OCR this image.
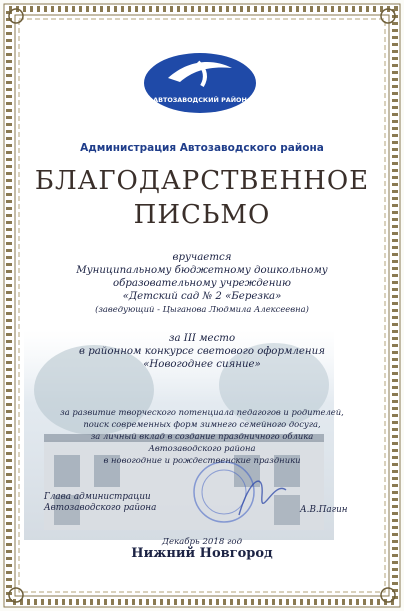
АВТОЗАВОДСКИЙ РАЙОН
Администрация Автозаводского района
БЛАГОДАРСТВЕННОЕ
ПИСЬМО
вручается
Муниципальному бюджетному дошкольному
образовательному учреждению
«Детский сад № 2 «Березка»
(заведующий - Цыганова Людмила Алексеевна)
за III место
в районном конкурсе светового оформления
«Новогоднее сияние»
за развитие творческого потенциала педагогов и родителей,
поиск современных форм зимнего семейного досуга,
за личный вклад в создание праздничного облика
Автозаводского района
в новогодние и рождественские праздники
Глава администрации
Автозаводского района	А.В.Пагин
Декабрь 2018 год
Нижний Новгород
